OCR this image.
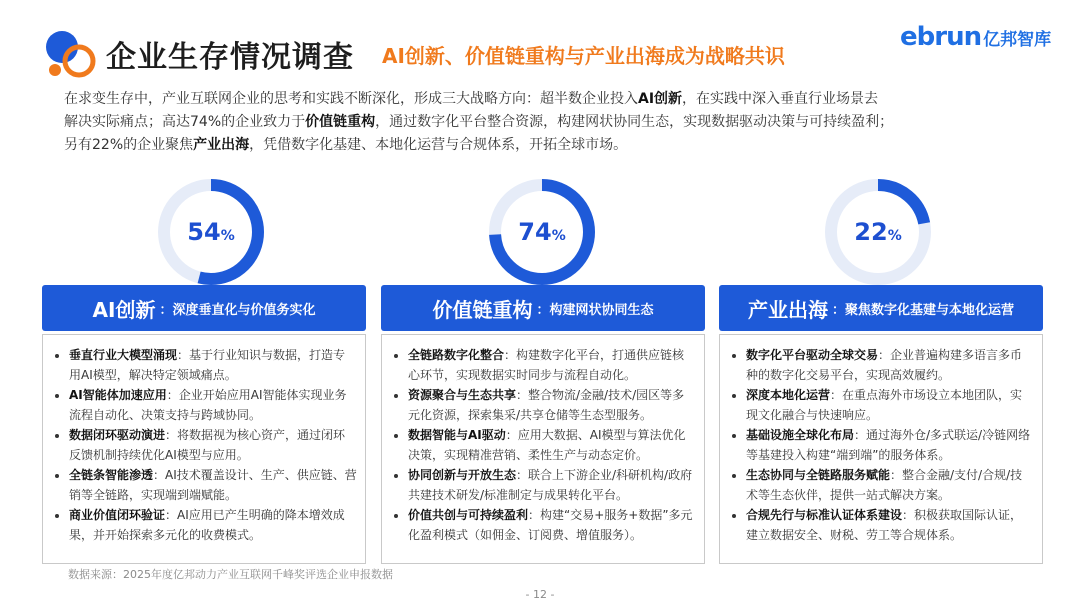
企业生存情况调查 AI创新、价值链重构与产业出海成为战略共识
ebrun 亿邦智库
在求变生存中，产业互联网企业的思考和实践不断深化，形成三大战略方向：超半数企业投入AI创新，在实践中深入垂直行业场景去
解决实际痛点；高达74%的企业致力于价值链重构，通过数字化平台整合资源，构建网状协同生态，实现数据驱动决策与可持续盈利；
另有22%的企业聚焦产业出海，凭借数字化基建、本地化运营与合规体系，开拓全球市场。
54 %	74 %	22 %
AI创新 ：深度垂直化与价值务实化
• 垂直行业大模型涌现：基于行业知识与数据，打造专用AI模型，解决特定领域痛点。
• AI智能体加速应用：企业开始应用AI智能体实现业务流程自动化、决策支持与跨域协同。
• 数据闭环驱动演进：将数据视为核心资产，通过闭环反馈机制持续优化AI模型与应用。
• 全链条智能渗透：AI技术覆盖设计、生产、供应链、营销等全链路，实现端到端赋能。
• 商业价值闭环验证：AI应用已产生明确的降本增效成果，并开始探索多元化的收费模式。
价值链重构 ：构建网状协同生态
• 全链路数字化整合：构建数字化平台，打通供应链核心环节，实现数据实时同步与流程自动化。
• 资源聚合与生态共享：整合物流/金融/技术/园区等多元化资源，探索集采/共享仓储等生态型服务。
• 数据智能与AI驱动：应用大数据、AI模型与算法优化决策，实现精准营销、柔性生产与动态定价。
• 协同创新与开放生态：联合上下游企业/科研机构/政府共建技术研发/标准制定与成果转化平台。
• 价值共创与可持续盈利：构建“交易+服务+数据”多元化盈利模式（如佣金、订阅费、增值服务）。
产业出海 ：聚焦数字化基建与本地化运营
• 数字化平台驱动全球交易：企业普遍构建多语言多币种的数字化交易平台，实现高效履约。
• 深度本地化运营：在重点海外市场设立本地团队，实现文化融合与快速响应。
• 基础设施全球化布局：通过海外仓/多式联运/冷链网络等基建投入构建“端到端”的服务体系。
• 生态协同与全链路服务赋能：整合金融/支付/合规/技术等生态伙伴，提供一站式解决方案。
• 合规先行与标准认证体系建设：积极获取国际认证，建立数据安全、财税、劳工等合规体系。
数据来源：2025年度亿邦动力产业互联网千峰奖评选企业申报数据
- 12 -
